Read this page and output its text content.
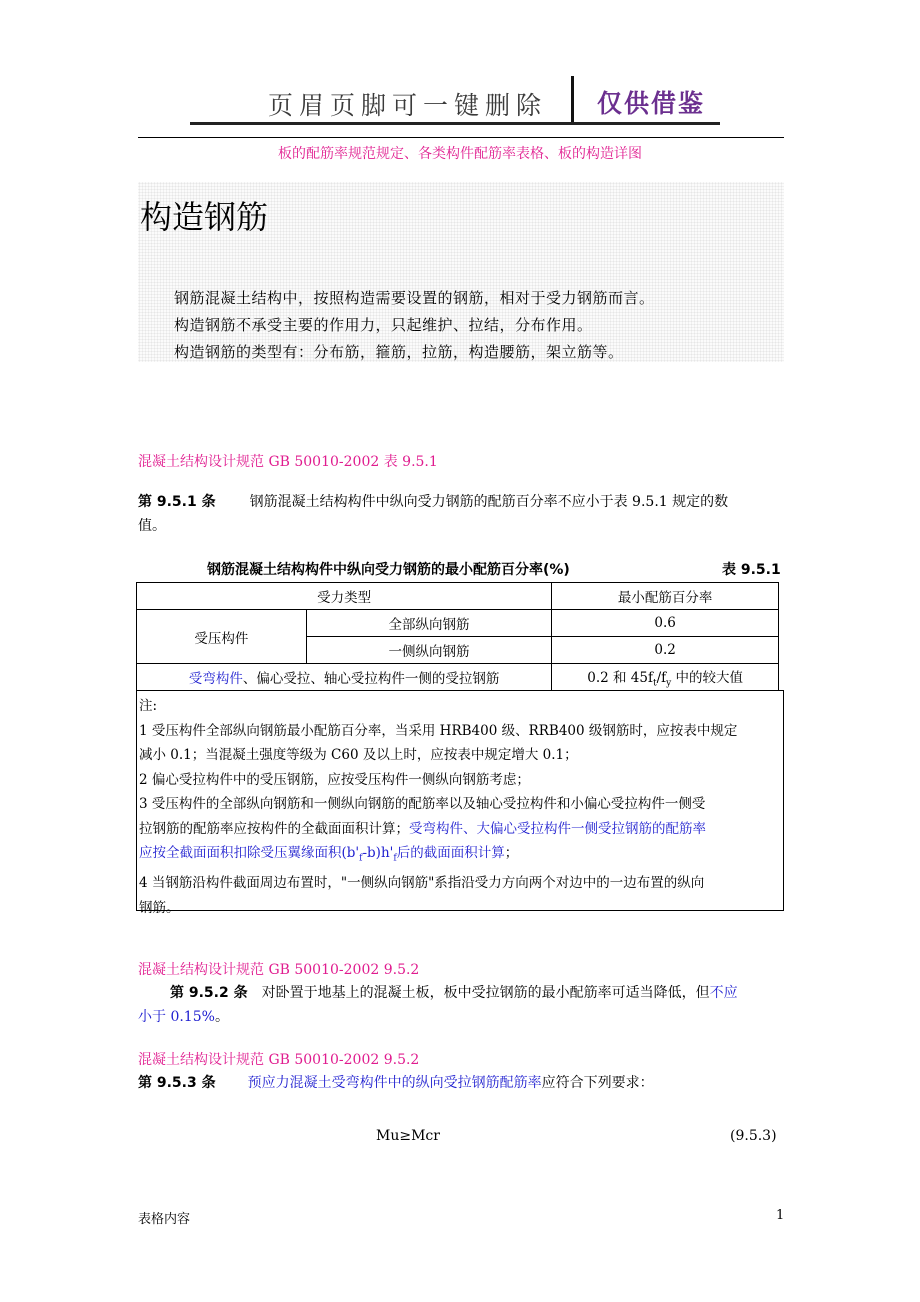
页眉页脚可一键删除 仅供借鉴
板的配筋率规范规定、各类构件配筋率表格、板的构造详图
构造钢筋
钢筋混凝土结构中，按照构造需要设置的钢筋，相对于受力钢筋而言。
构造钢筋不承受主要的作用力，只起维护、拉结，分布作用。
构造钢筋的类型有：分布筋，箍筋，拉筋，构造腰筋，架立筋等。
混凝土结构设计规范 GB 50010-2002 表 9.5.1
第 9.5.1 条 钢筋混凝土结构构件中纵向受力钢筋的配筋百分率不应小于表 9.5.1 规定的数
值。
钢筋混凝土结构构件中纵向受力钢筋的最小配筋百分率(%)	表 9.5.1
受力类型		最小配筋百分率
受压构件	全部纵向钢筋	0.6
	一侧纵向钢筋	0.2
受弯构件、偏心受拉、轴心受拉构件一侧的受拉钢筋		0.2 和 $45f_t/f_y$ 中的较大值
注:
1 受压构件全部纵向钢筋最小配筋百分率，当采用 HRB400 级、RRB400 级钢筋时，应按表中规定
减小 0.1；当混凝土强度等级为 C60 及以上时，应按表中规定增大 0.1；
2 偏心受拉构件中的受压钢筋，应按受压构件一侧纵向钢筋考虑；
3 受压构件的全部纵向钢筋和一侧纵向钢筋的配筋率以及轴心受拉构件和小偏心受拉构件一侧受
拉钢筋的配筋率应按构件的全截面面积计算；受弯构件、大偏心受拉构件一侧受拉钢筋的配筋率
应按全截面面积扣除受压翼缘面积$(b'_f-b)h'_f$后的截面面积计算；
4 当钢筋沿构件截面周边布置时，"一侧纵向钢筋"系指沿受力方向两个对边中的一边布置的纵向
钢筋。
混凝土结构设计规范 GB 50010-2002 9.5.2
第 9.5.2 条 对卧置于地基上的混凝土板，板中受拉钢筋的最小配筋率可适当降低，但不应
小于 0.15%。
混凝土结构设计规范 GB 50010-2002 9.5.2
第 9.5.3 条 预应力混凝土受弯构件中的纵向受拉钢筋配筋率应符合下列要求：
Mu≥Mcr	(9.5.3)
表格内容	1
